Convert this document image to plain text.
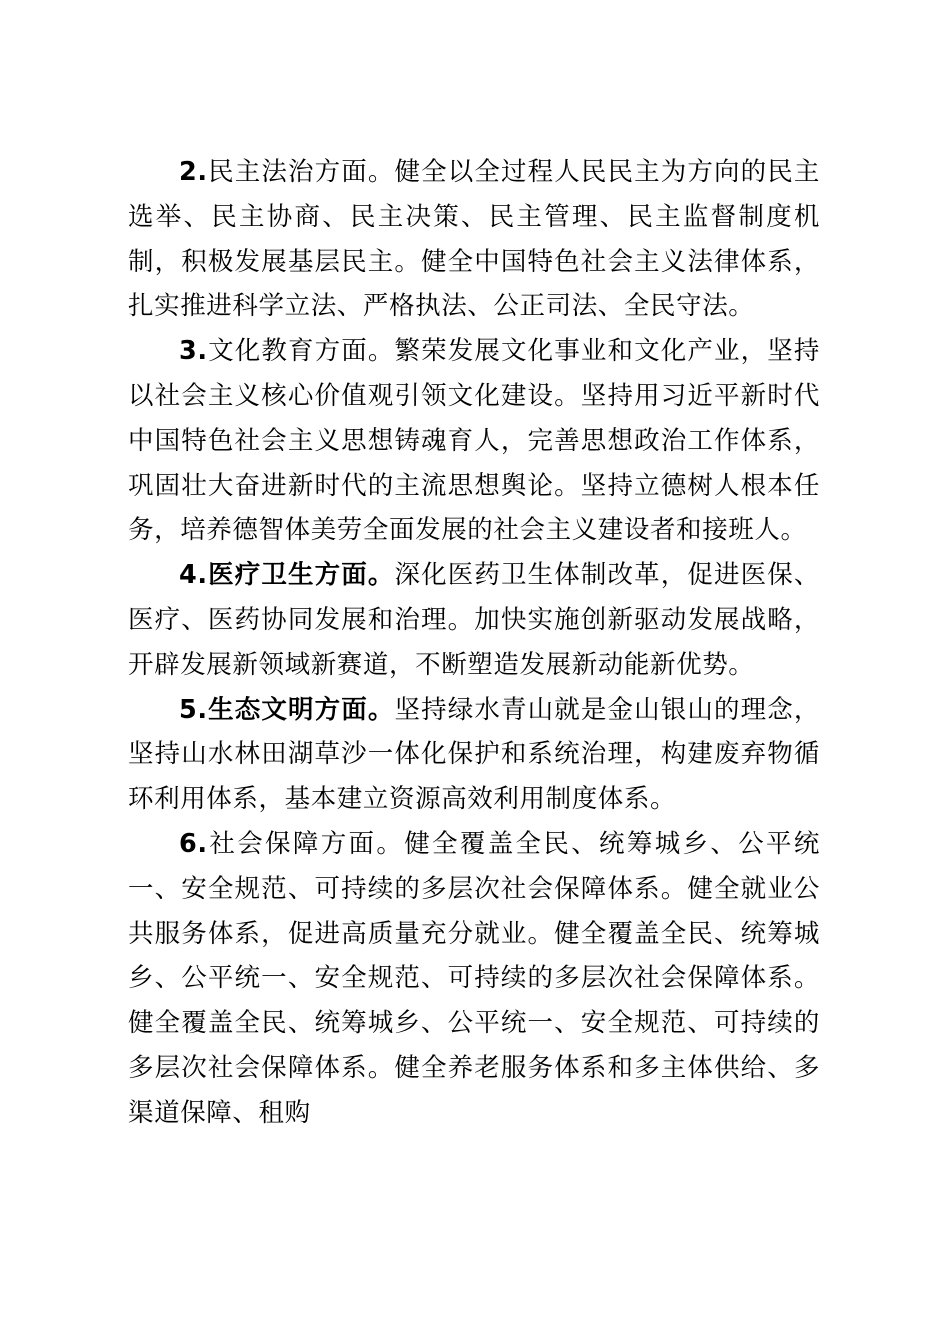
2.民主法治方面。健全以全过程人民民主为方向的民主选举、民主协商、民主决策、民主管理、民主监督制度机制，积极发展基层民主。健全中国特色社会主义法律体系，扎实推进科学立法、严格执法、公正司法、全民守法。

3.文化教育方面。繁荣发展文化事业和文化产业，坚持以社会主义核心价值观引领文化建设。坚持用习近平新时代中国特色社会主义思想铸魂育人，完善思想政治工作体系，巩固壮大奋进新时代的主流思想舆论。坚持立德树人根本任务，培养德智体美劳全面发展的社会主义建设者和接班人。

4.医疗卫生方面。深化医药卫生体制改革，促进医保、医疗、医药协同发展和治理。加快实施创新驱动发展战略，开辟发展新领域新赛道，不断塑造发展新动能新优势。

5.生态文明方面。坚持绿水青山就是金山银山的理念，坚持山水林田湖草沙一体化保护和系统治理，构建废弃物循环利用体系，基本建立资源高效利用制度体系。

6.社会保障方面。健全覆盖全民、统筹城乡、公平统一、安全规范、可持续的多层次社会保障体系。健全就业公共服务体系，促进高质量充分就业。健全覆盖全民、统筹城乡、公平统一、安全规范、可持续的多层次社会保障体系。健全覆盖全民、统筹城乡、公平统一、安全规范、可持续的多层次社会保障体系。健全养老服务体系和多主体供给、多渠道保障、租购
